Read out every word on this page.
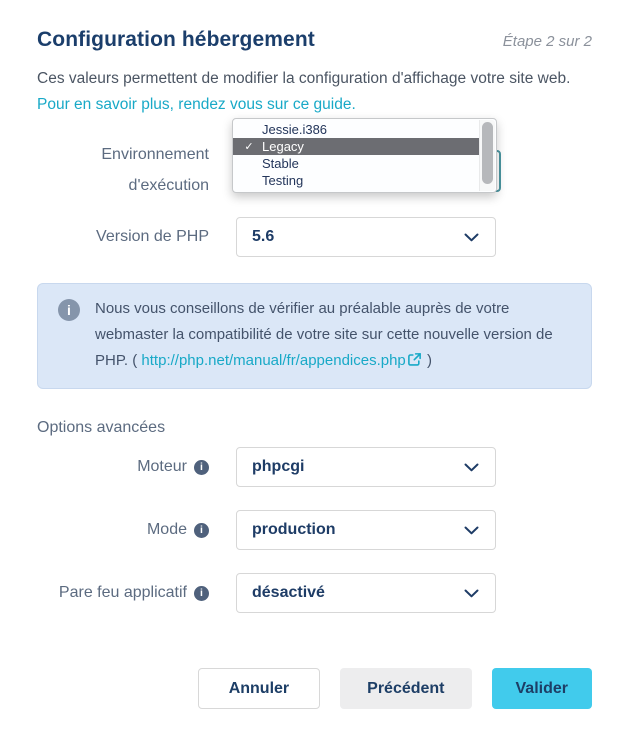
Configuration hébergement	Étape 2 sur 2

Ces valeurs permettent de modifier la configuration d'affichage votre site web. Pour en savoir plus, rendez vous sur ce guide.

Environnement
d'exécution
Jessie.i386
✓ Legacy
Stable
Testing
Version de PHP	5.6
i	Nous vous conseillons de vérifier au préalable auprès de votre webmaster la compatibilité de votre site sur cette nouvelle version de PHP. ( http://php.net/manual/fr/appendices.php )
Options avancées
Moteur	i	phpcgi
Mode	i	production
Pare feu applicatif	i	désactivé
Annuler	Précédent	Valider
